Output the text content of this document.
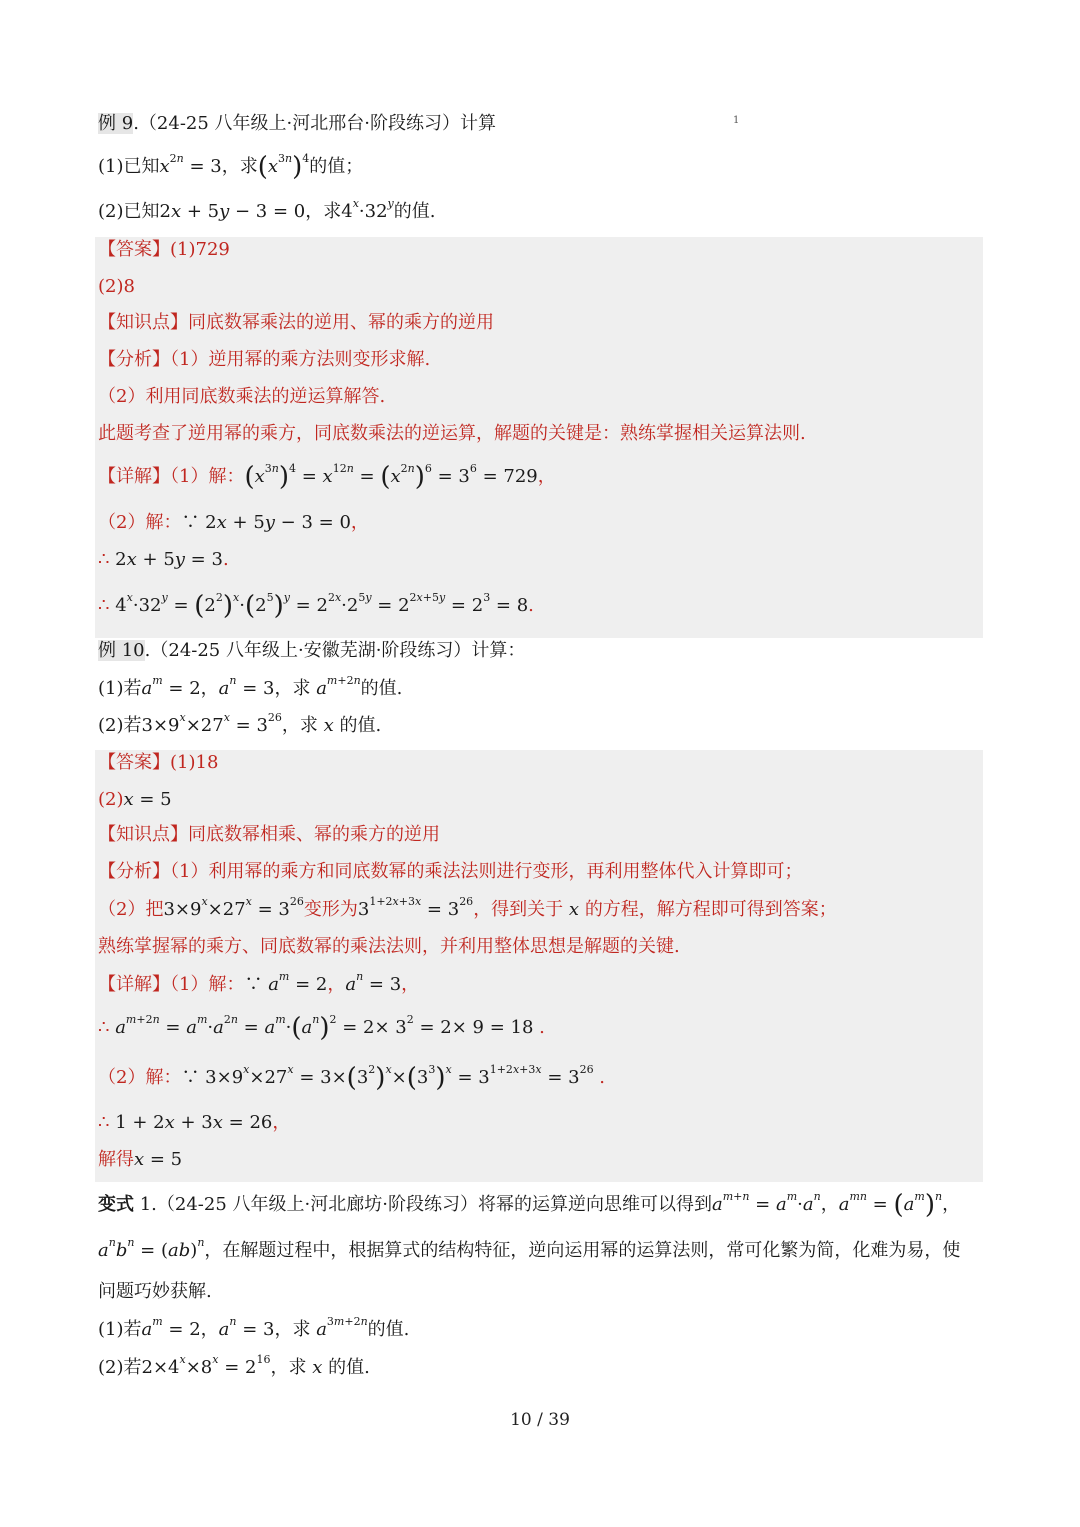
1
例 9.（24-25 八年级上·河北邢台·阶段练习）计算
(1)已知$x^{2n} = 3$，求$(x^{3n})^4$的值；
(2)已知2x + 5y − 3 = 0，求$4^x\cdot 32^y$的值.
【答案】(1)729
(2)8
【知识点】同底数幂乘法的逆用、幂的乘方的逆用
【分析】（1）逆用幂的乘方法则变形求解.
（2）利用同底数乘法的逆运算解答.
此题考查了逆用幂的乘方，同底数乘法的逆运算，解题的关键是：熟练掌握相关运算法则.
【详解】（1）解：$(x^{3n})^4 = x^{12n} = (x^{2n})^6 = 3^6 = 729$，
（2）解：∵ 2x + 5y − 3 = 0，
∴ 2x + 5y = 3.
∴ $4^x\cdot 32^y = (2^2)^x\cdot(2^5)^y = 2^{2x}\cdot 2^{5y} = 2^{2x+5y} = 2^3 = 8$.
例 10.（24-25 八年级上·安徽芜湖·阶段练习）计算：
(1)若$a^m = 2$，$a^n = 3$，求 $a^{m+2n}$的值.
(2)若$3\times 9^x\times 27^x = 3^{26}$，求 x 的值.
【答案】(1)18
(2)x = 5
【知识点】同底数幂相乘、幂的乘方的逆用
【分析】（1）利用幂的乘方和同底数幂的乘法法则进行变形，再利用整体代入计算即可；
（2）把$3\times 9^x\times 27^x = 3^{26}$变形为$3^{1+2x+3x} = 3^{26}$，得到关于 x 的方程，解方程即可得到答案；
熟练掌握幂的乘方、同底数幂的乘法法则，并利用整体思想是解题的关键.
【详解】（1）解：∵ $a^m = 2$，$a^n = 3$，
∴ $a^{m+2n} = a^m\cdot a^{2n} = a^m\cdot(a^n)^2 = 2\times 3^2 = 2\times 9 = 18$ .
（2）解：∵ $3\times 9^x\times 27^x = 3\times(3^2)^x\times(3^3)^x = 3^{1+2x+3x} = 3^{26}$ .
∴ 1 + 2x + 3x = 26，
解得x = 5
变式 1.（24-25 八年级上·河北廊坊·阶段练习）将幂的运算逆向思维可以得到$a^{m+n} = a^m\cdot a^n$，$a^{mn} = (a^m)^n$，
$a^nb^n = (ab)^n$，在解题过程中，根据算式的结构特征，逆向运用幂的运算法则，常可化繁为简，化难为易，使
问题巧妙获解.
(1)若$a^m = 2$，$a^n = 3$，求 $a^{3m+2n}$的值.
(2)若$2\times 4^x\times 8^x = 2^{16}$，求 x 的值.
10 / 39
